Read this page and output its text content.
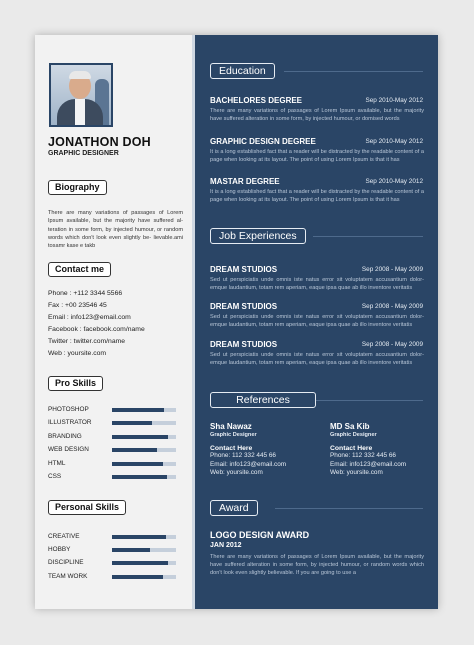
JONATHON DOH
GRAPHIC DESIGNER
Biography
There are many variations of passages of Lorem Ipsum available, but the majority have suffered al- teration in some form, by injected humour, or random words which don't look even slightly be- lievable.ami tosamr kase e takb
Contact me
Phone : +112 3344 5566
Fax : +00 23546 45
Email : info123@email.com
Facebook : facebook.com/name
Twitter : twitter.com/name
Web : yoursite.com
Pro Skills
PHOTOSHOP
ILLUSTRATOR
BRANDING
WEB DESIGN
HTML
CSS
Personal Skills
CREATIVE
HOBBY
DISCIPLINE
TEAM WORK
Education
BACHELORES DEGREE	Sep 2010-May 2012
There are many variations of passages of Lorem Ipsum available, but the majority have suffered alteration in some form, by injected humour, or domised words
GRAPHIC DESIGN DEGREE	Sep 2010-May 2012
It is a long established fact that a reader will be distracted by the readable content of a page when looking at its layout. The point of using Lorem Ipsum is that it has
MASTAR DEGREE	Sep 2010-May 2012
It is a long established fact that a reader will be distracted by the readable content of a page when looking at its layout. The point of using Lorem Ipsum is that it has
Job Experiences
DREAM STUDIOS	Sep 2008 - May 2009
Sed ut perspiciatis unde omnis iste natus error sit voluptatem accusantium dolor- emque laudantium, totam rem aperiam, eaque ipsa quae ab illo inventore veritatis
DREAM STUDIOS	Sep 2008 - May 2009
Sed ut perspiciatis unde omnis iste natus error sit voluptatem accusantium dolor- emque laudantium, totam rem aperiam, eaque ipsa quae ab illo inventore veritatis
DREAM STUDIOS	Sep 2008 - May 2009
Sed ut perspiciatis unde omnis iste natus error sit voluptatem accusantium dolor- emque laudantium, totam rem aperiam, eaque ipsa quae ab illo inventore veritatis
References
Sha Nawaz
Graphic Designer
Contact Here
Phone: 112 332 445 66
Email: info123@email.com
Web: yoursite.com
MD Sa Kib
Graphic Designer
Contact Here
Phone: 112 332 445 66
Email: info123@email.com
Web: yoursite.com
Award
LOGO DESIGN AWARD
JAN 2012
There are many variations of passages of Lorem Ipsum available, but the majority have suffered alteration in some form, by injected humour, or random words which don't look even slightly believable. If you are going to use a
